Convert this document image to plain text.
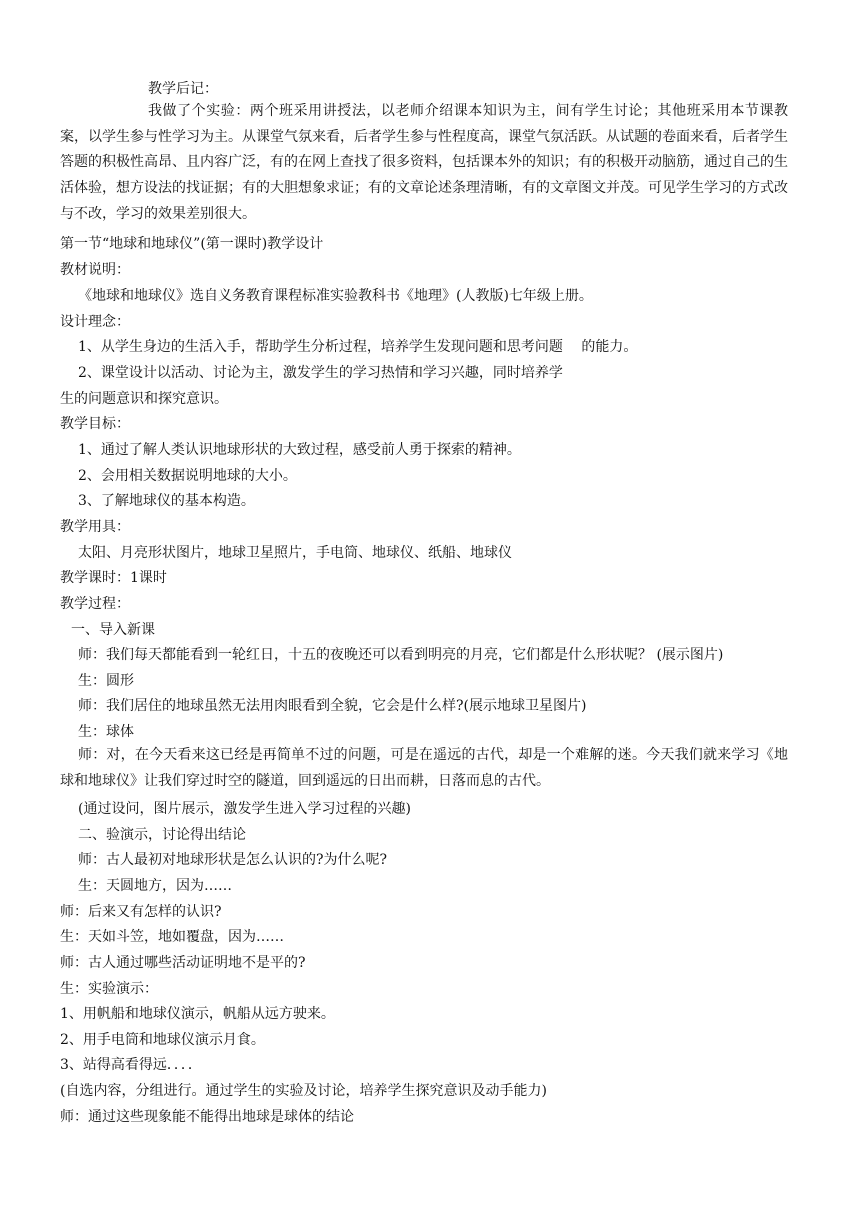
教学后记：
我做了个实验：两个班采用讲授法，以老师介绍课本知识为主，间有学生讨论；其他班采用本节课教案，以学生参与性学习为主。从课堂气氛来看，后者学生参与性程度高，课堂气氛活跃。从试题的卷面来看，后者学生答题的积极性高昂、且内容广泛，有的在网上查找了很多资料，包括课本外的知识；有的积极开动脑筋，通过自己的生活体验，想方设法的找证据；有的大胆想象求证；有的文章论述条理清晰，有的文章图文并茂。可见学生学习的方式改与不改，学习的效果差别很大。
第一节“地球和地球仪”(第一课时)教学设计
教材说明：
《地球和地球仪》选自义务教育课程标准实验教科书《地理》(人教版)七年级上册。
设计理念：
1、从学生身边的生活入手，帮助学生分析过程，培养学生发现问题和思考问题　 的能力。
2、课堂设计以活动、讨论为主，激发学生的学习热情和学习兴趣，同时培养学
生的问题意识和探究意识。
教学目标：
1、通过了解人类认识地球形状的大致过程，感受前人勇于探索的精神。
2、会用相关数据说明地球的大小。
3、了解地球仪的基本构造。
教学用具：
太阳、月亮形状图片，地球卫星照片，手电筒、地球仪、纸船、地球仪
教学课时：1课时
教学过程：
一、导入新课
师：我们每天都能看到一轮红日，十五的夜晚还可以看到明亮的月亮，它们都是什么形状呢？ (展示图片)
生：圆形
师：我们居住的地球虽然无法用肉眼看到全貌，它会是什么样?(展示地球卫星图片)
生：球体
师：对，在今天看来这已经是再简单不过的问题，可是在遥远的古代，却是一个难解的迷。今天我们就来学习《地球和地球仪》让我们穿过时空的隧道，回到遥远的日出而耕，日落而息的古代。
(通过设问，图片展示，激发学生进入学习过程的兴趣)
二、验演示，讨论得出结论
师：古人最初对地球形状是怎么认识的?为什么呢?
生：天圆地方，因为……
师：后来又有怎样的认识?
生：天如斗笠，地如覆盘，因为……
师：古人通过哪些活动证明地不是平的?
生：实验演示：
1、用帆船和地球仪演示，帆船从远方驶来。
2、用手电筒和地球仪演示月食。
3、站得高看得远．．．．
(自选内容，分组进行。通过学生的实验及讨论，培养学生探究意识及动手能力)
师：通过这些现象能不能得出地球是球体的结论
